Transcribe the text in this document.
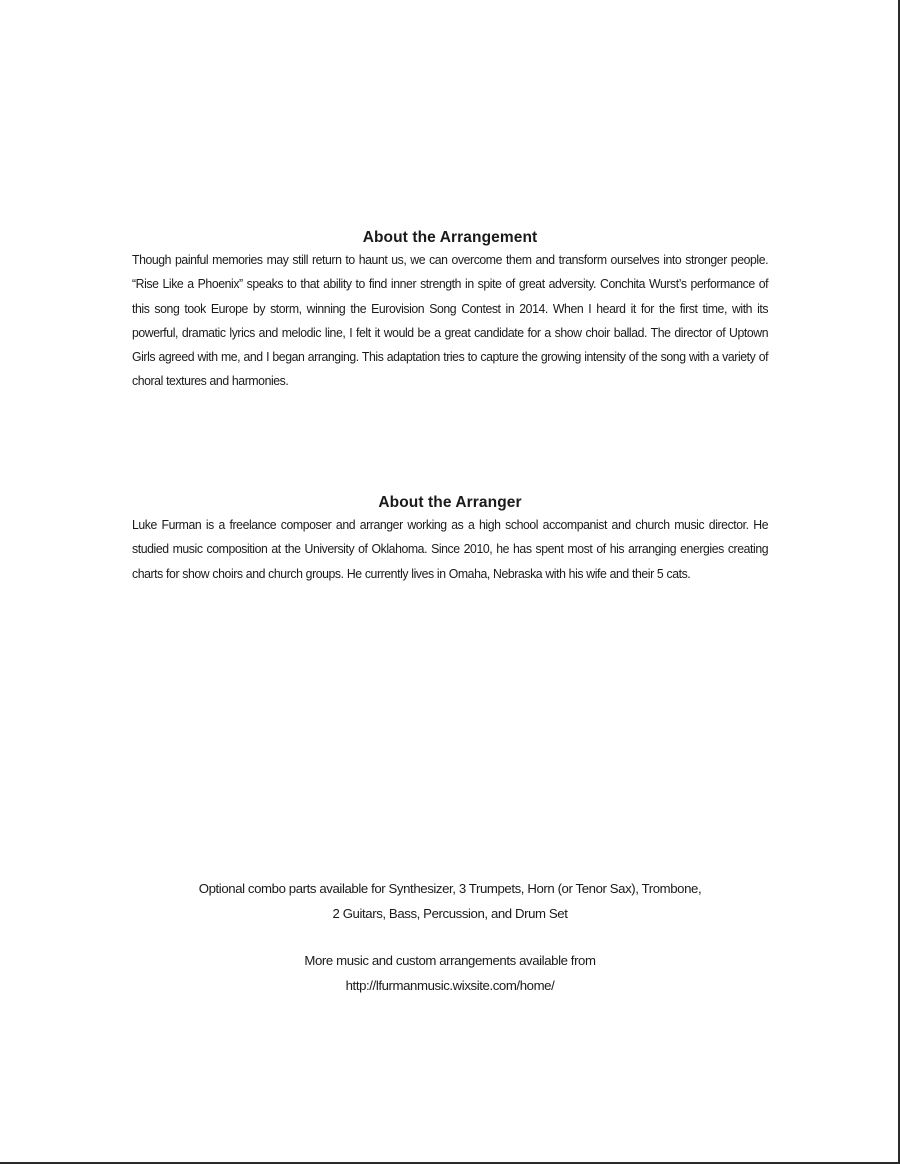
About the Arrangement

Though painful memories may still return to haunt us, we can overcome them and transform ourselves into stronger people. “Rise Like a Phoenix” speaks to that ability to find inner strength in spite of great adversity. Conchita Wurst’s performance of this song took Europe by storm, winning the Eurovision Song Contest in 2014. When I heard it for the first time, with its powerful, dramatic lyrics and melodic line, I felt it would be a great candidate for a show choir ballad. The director of Uptown Girls agreed with me, and I began arranging. This adaptation tries to capture the growing intensity of the song with a variety of choral textures and harmonies.

About the Arranger

Luke Furman is a freelance composer and arranger working as a high school accompanist and church music director. He studied music composition at the University of Oklahoma. Since 2010, he has spent most of his arranging energies creating charts for show choirs and church groups. He currently lives in Omaha, Nebraska with his wife and their 5 cats.

Optional combo parts available for Synthesizer, 3 Trumpets, Horn (or Tenor Sax), Trombone,
2 Guitars, Bass, Percussion, and Drum Set
More music and custom arrangements available from
http://lfurmanmusic.wixsite.com/home/
